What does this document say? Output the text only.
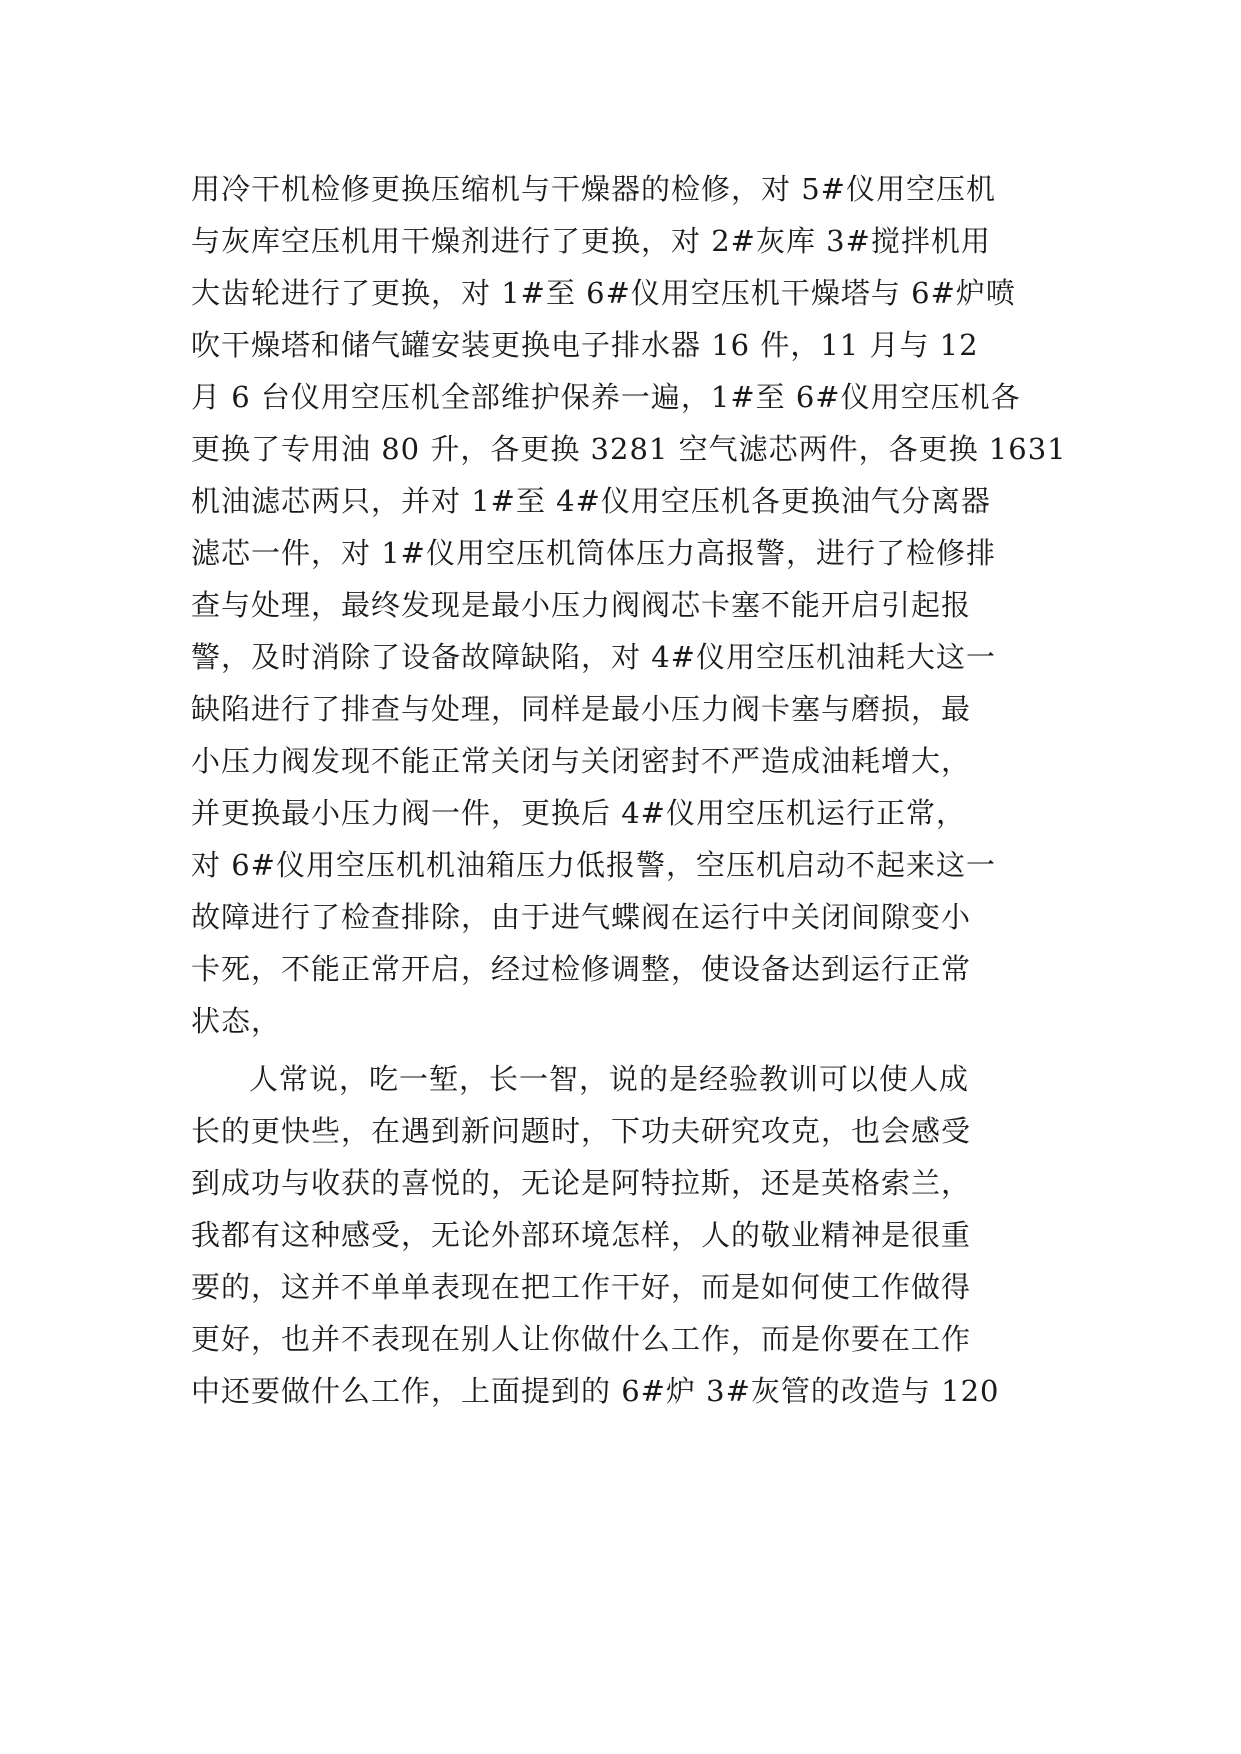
用冷干机检修更换压缩机与干燥器的检修，对 5#仪用空压机
与灰库空压机用干燥剂进行了更换，对 2#灰库 3#搅拌机用
大齿轮进行了更换，对 1#至 6#仪用空压机干燥塔与 6#炉喷
吹干燥塔和储气罐安装更换电子排水器 16 件，11 月与 12
月 6 台仪用空压机全部维护保养一遍，1#至 6#仪用空压机各
更换了专用油 80 升，各更换 3281 空气滤芯两件，各更换 1631
机油滤芯两只，并对 1#至 4#仪用空压机各更换油气分离器
滤芯一件，对 1#仪用空压机筒体压力高报警，进行了检修排
查与处理，最终发现是最小压力阀阀芯卡塞不能开启引起报
警，及时消除了设备故障缺陷，对 4#仪用空压机油耗大这一
缺陷进行了排查与处理，同样是最小压力阀卡塞与磨损，最
小压力阀发现不能正常关闭与关闭密封不严造成油耗增大，
并更换最小压力阀一件，更换后 4#仪用空压机运行正常，
对 6#仪用空压机机油箱压力低报警，空压机启动不起来这一
故障进行了检查排除，由于进气蝶阀在运行中关闭间隙变小
卡死，不能正常开启，经过检修调整，使设备达到运行正常
状态，
人常说，吃一堑，长一智，说的是经验教训可以使人成
长的更快些，在遇到新问题时，下功夫研究攻克，也会感受
到成功与收获的喜悦的，无论是阿特拉斯，还是英格索兰，
我都有这种感受，无论外部环境怎样，人的敬业精神是很重
要的，这并不单单表现在把工作干好，而是如何使工作做得
更好，也并不表现在别人让你做什么工作，而是你要在工作
中还要做什么工作，上面提到的 6#炉 3#灰管的改造与 120
